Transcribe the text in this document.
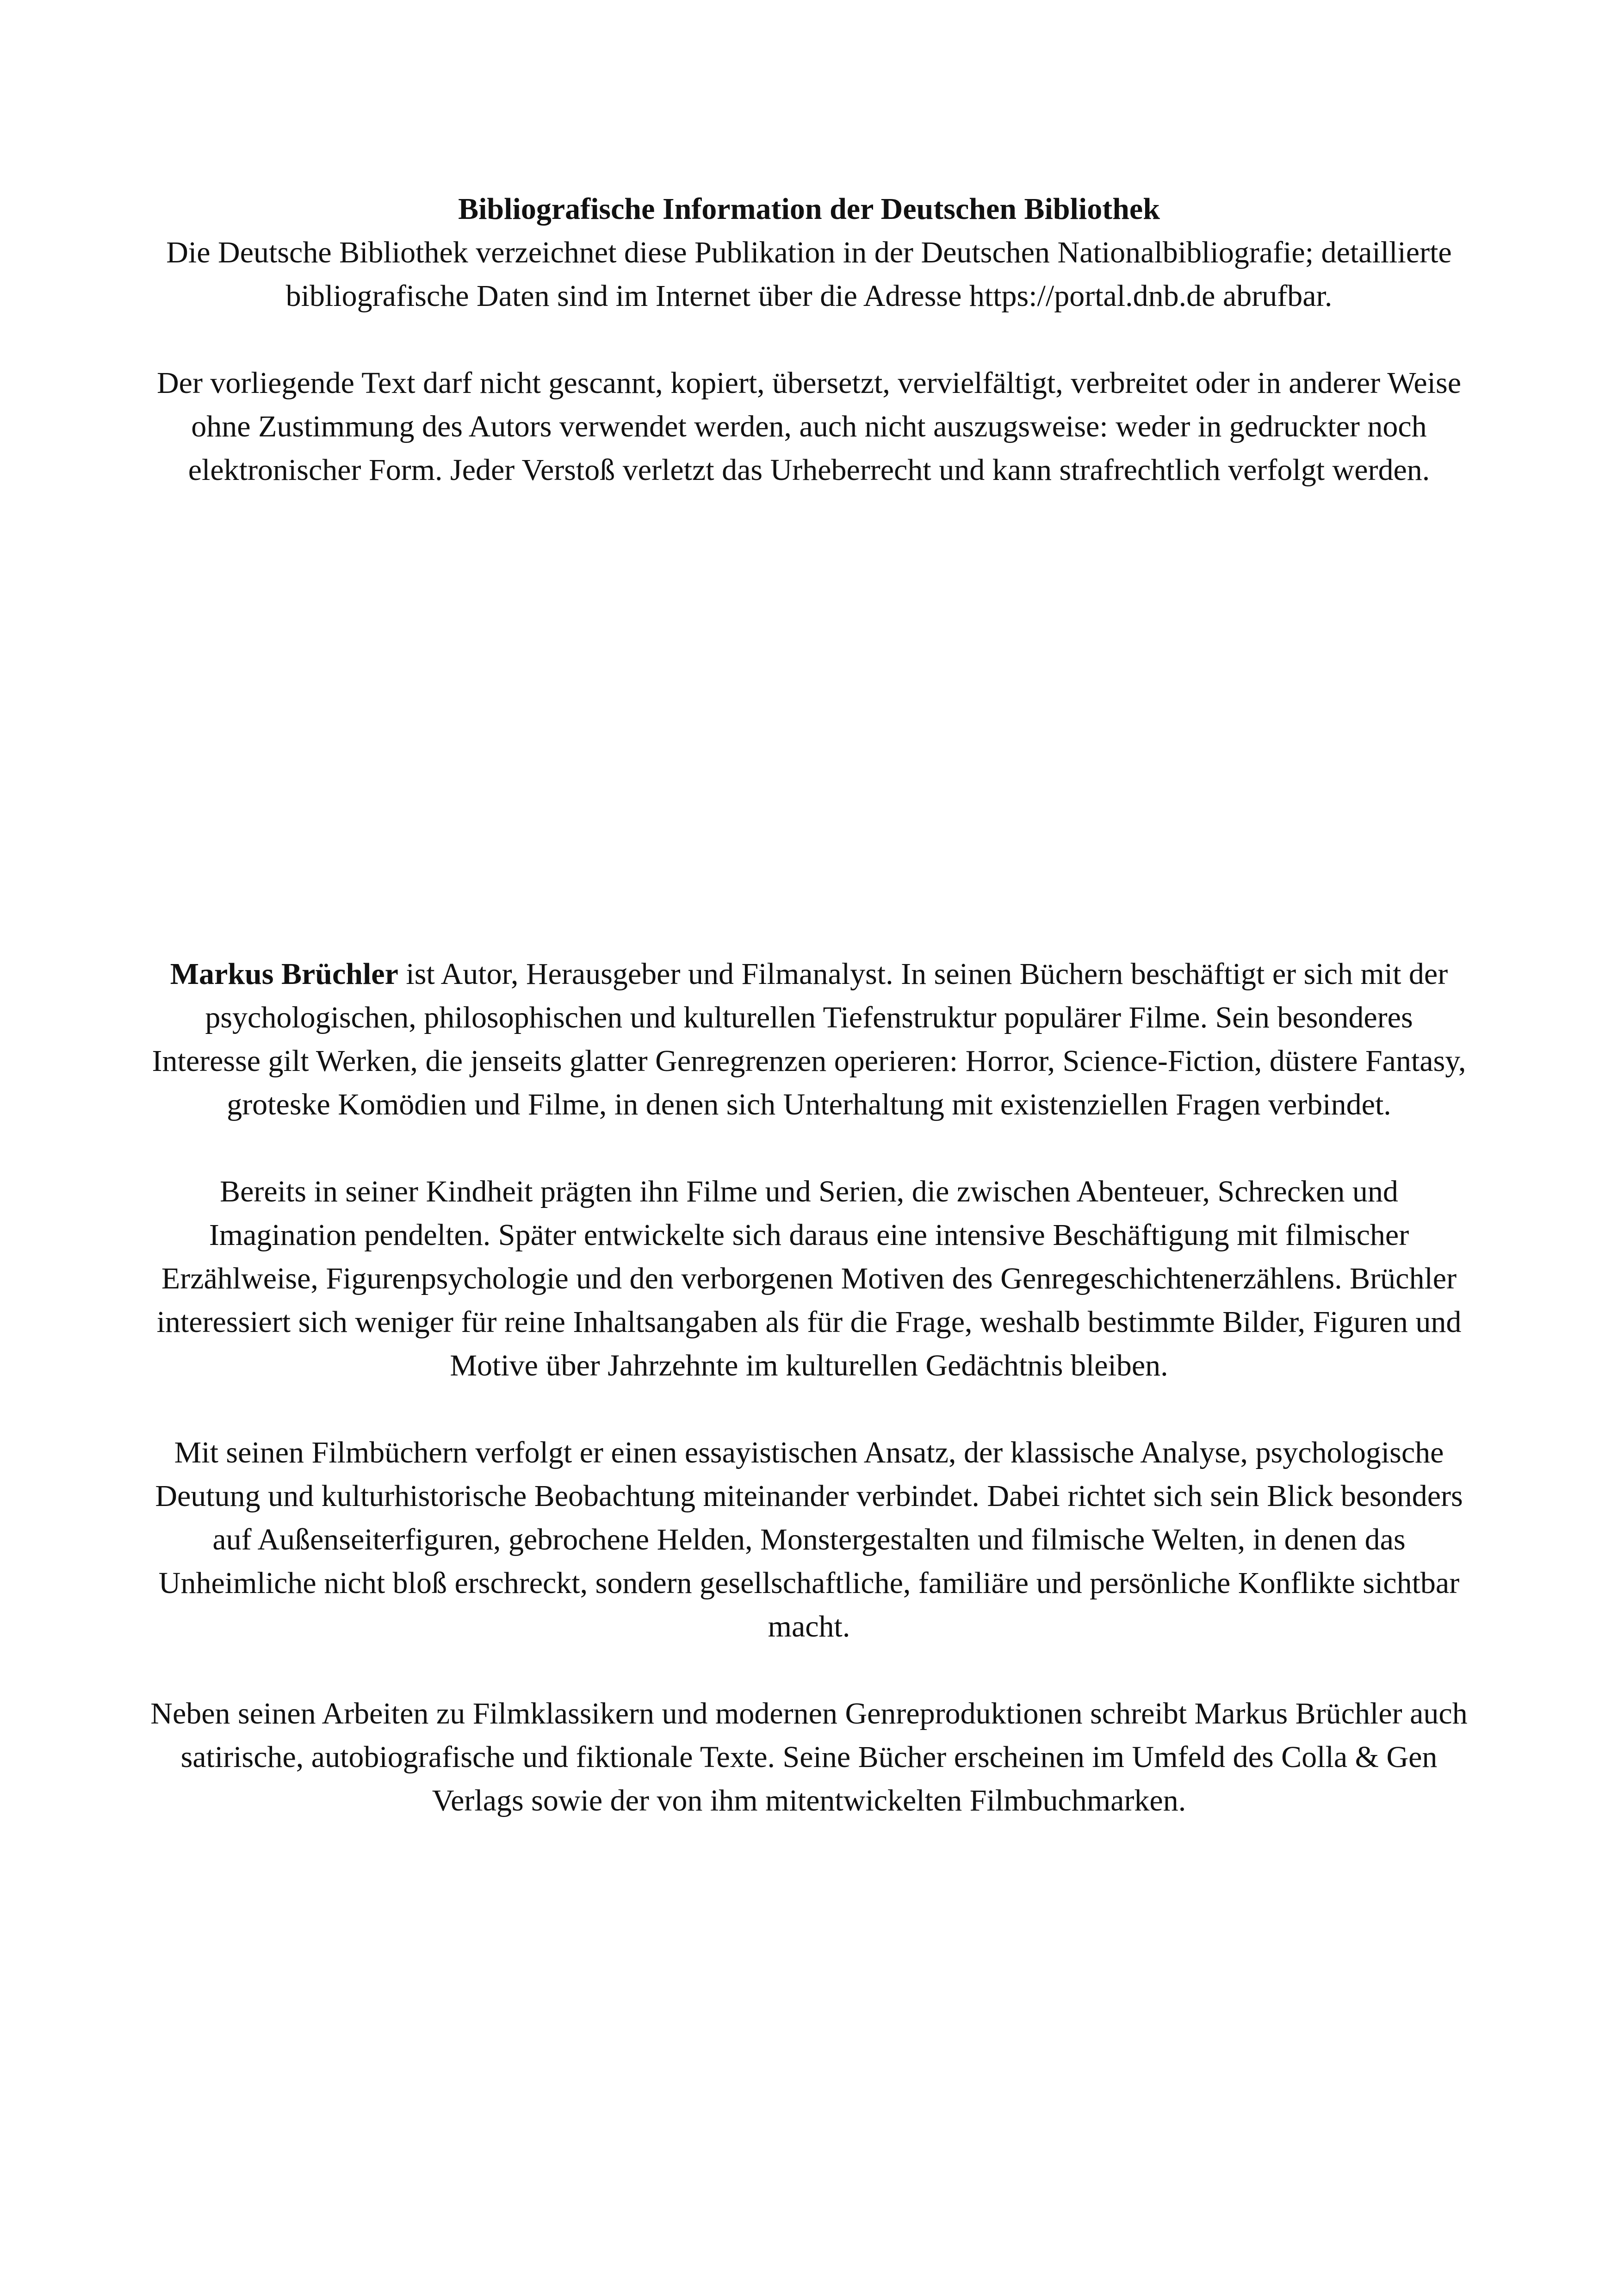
Bibliografische Information der Deutschen Bibliothek

Die Deutsche Bibliothek verzeichnet diese Publikation in der Deutschen Nationalbibliografie; detaillierte bibliografische Daten sind im Internet über die Adresse https://portal.dnb.de abrufbar.

Der vorliegende Text darf nicht gescannt, kopiert, übersetzt, vervielfältigt, verbreitet oder in anderer Weise ohne Zustimmung des Autors verwendet werden, auch nicht auszugsweise: weder in gedruckter noch elektronischer Form. Jeder Verstoß verletzt das Urheberrecht und kann strafrechtlich verfolgt werden.

Markus Brüchler ist Autor, Herausgeber und Filmanalyst. In seinen Büchern beschäftigt er sich mit der psychologischen, philosophischen und kulturellen Tiefenstruktur populärer Filme. Sein besonderes Interesse gilt Werken, die jenseits glatter Genregrenzen operieren: Horror, Science-Fiction, düstere Fantasy, groteske Komödien und Filme, in denen sich Unterhaltung mit existenziellen Fragen verbindet.

Bereits in seiner Kindheit prägten ihn Filme und Serien, die zwischen Abenteuer, Schrecken und Imagination pendelten. Später entwickelte sich daraus eine intensive Beschäftigung mit filmischer Erzählweise, Figurenpsychologie und den verborgenen Motiven des Genregeschichtenerzählens. Brüchler interessiert sich weniger für reine Inhaltsangaben als für die Frage, weshalb bestimmte Bilder, Figuren und Motive über Jahrzehnte im kulturellen Gedächtnis bleiben.

Mit seinen Filmbüchern verfolgt er einen essayistischen Ansatz, der klassische Analyse, psychologische Deutung und kulturhistorische Beobachtung miteinander verbindet. Dabei richtet sich sein Blick besonders auf Außenseiterfiguren, gebrochene Helden, Monstergestalten und filmische Welten, in denen das Unheimliche nicht bloß erschreckt, sondern gesellschaftliche, familiäre und persönliche Konflikte sichtbar macht.

Neben seinen Arbeiten zu Filmklassikern und modernen Genreproduktionen schreibt Markus Brüchler auch satirische, autobiografische und fiktionale Texte. Seine Bücher erscheinen im Umfeld des Colla & Gen Verlags sowie der von ihm mitentwickelten Filmbuchmarken.
